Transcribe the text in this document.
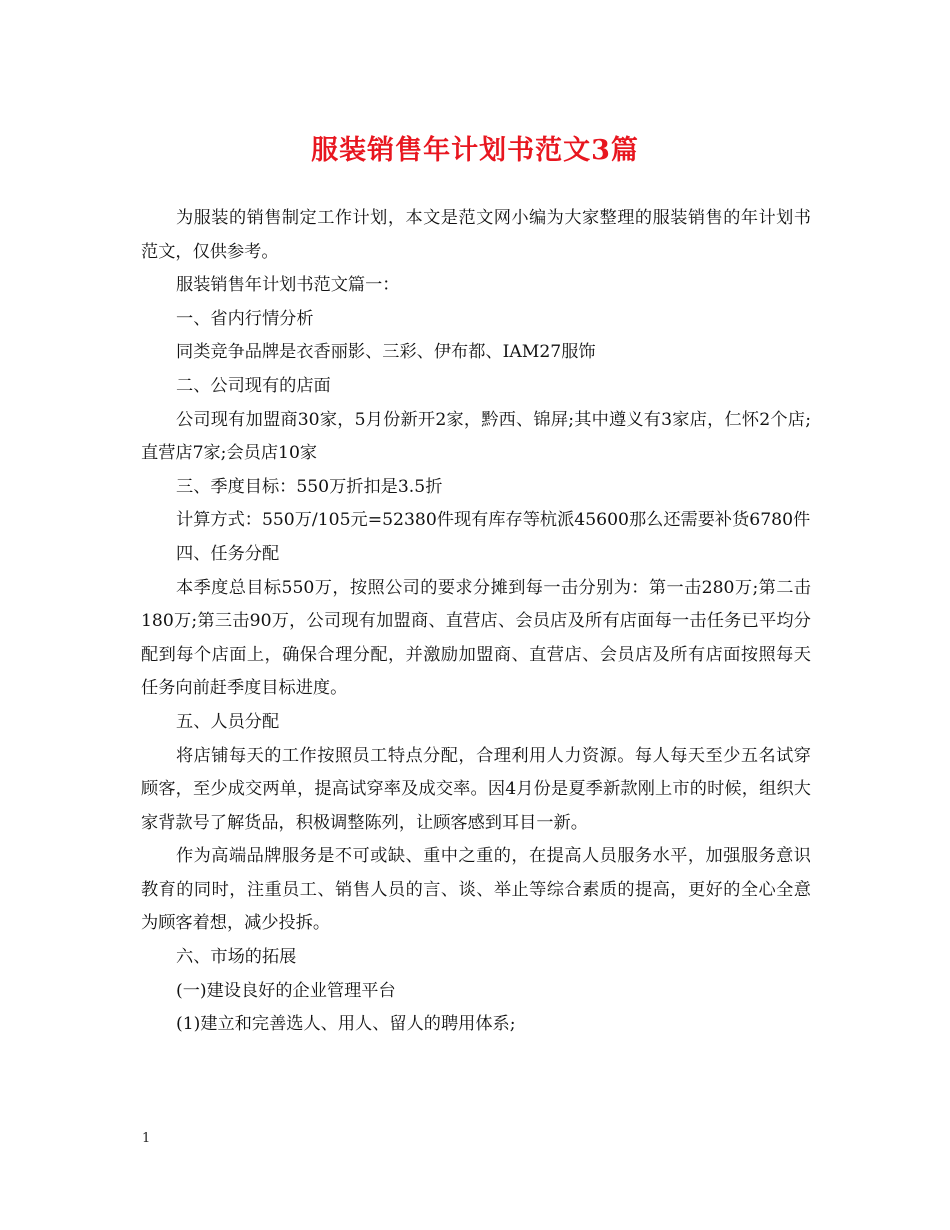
服装销售年计划书范文3篇

为服装的销售制定工作计划，本文是范文网小编为大家整理的服装销售的年计划书范文，仅供参考。

服装销售年计划书范文篇一：

一、省内行情分析

同类竞争品牌是衣香丽影、三彩、伊布都、IAM27服饰

二、公司现有的店面

公司现有加盟商30家，5月份新开2家，黔西、锦屏;其中遵义有3家店，仁怀2个店;直营店7家;会员店10家

三、季度目标：550万折扣是3.5折

计算方式：550万/105元=52380件现有库存等杭派45600那么还需要补货6780件

四、任务分配

本季度总目标550万，按照公司的要求分摊到每一击分别为：第一击280万;第二击180万;第三击90万，公司现有加盟商、直营店、会员店及所有店面每一击任务已平均分配到每个店面上，确保合理分配，并激励加盟商、直营店、会员店及所有店面按照每天任务向前赶季度目标进度。

五、人员分配

将店铺每天的工作按照员工特点分配，合理利用人力资源。每人每天至少五名试穿顾客，至少成交两单，提高试穿率及成交率。因4月份是夏季新款刚上市的时候，组织大家背款号了解货品，积极调整陈列，让顾客感到耳目一新。

作为高端品牌服务是不可或缺、重中之重的，在提高人员服务水平，加强服务意识教育的同时，注重员工、销售人员的言、谈、举止等综合素质的提高，更好的全心全意为顾客着想，减少投拆。

六、市场的拓展

(一)建设良好的企业管理平台

(1)建立和完善选人、用人、留人的聘用体系;

1
